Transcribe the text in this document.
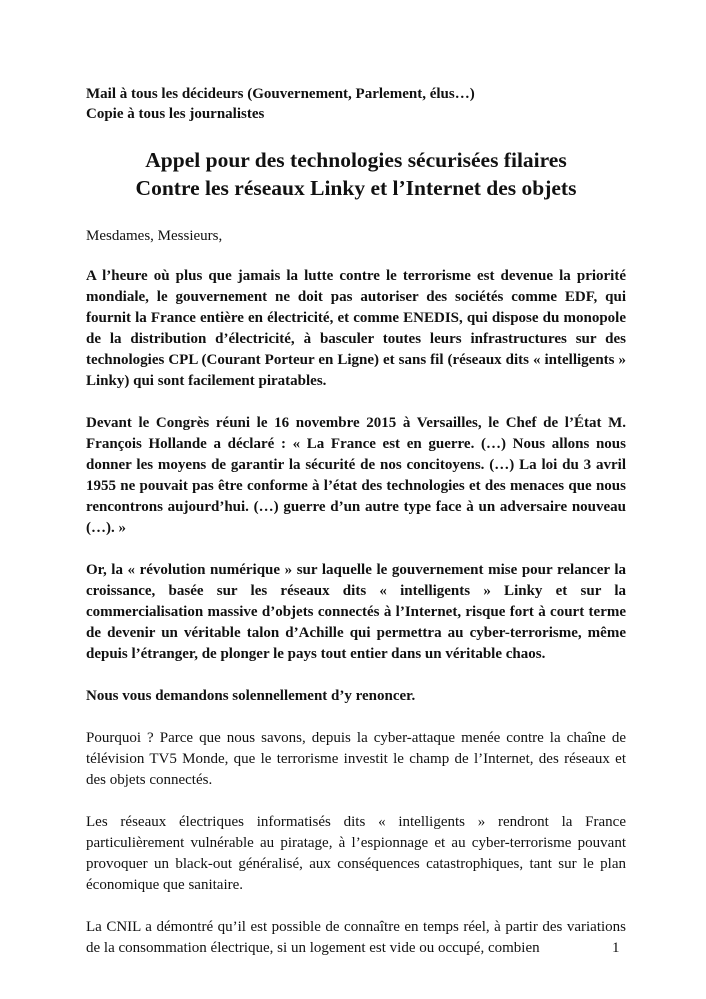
Mail à tous les décideurs (Gouvernement, Parlement, élus…)

Copie à tous les journalistes

Appel pour des technologies sécurisées filaires

Contre les réseaux Linky et l’Internet des objets

Mesdames, Messieurs,

A l’heure où plus que jamais la lutte contre le terrorisme est devenue la priorité mondiale, le gouvernement ne doit pas autoriser des sociétés comme EDF, qui fournit la France entière en électricité, et comme ENEDIS, qui dispose du monopole de la distribution d’électricité, à basculer toutes leurs infrastructures sur des technologies CPL (Courant Porteur en Ligne) et sans fil (réseaux dits « intelligents » Linky) qui sont facilement piratables.

Devant le Congrès réuni le 16 novembre 2015 à Versailles, le Chef de l’État M. François Hollande a déclaré : « La France est en guerre. (…) Nous allons nous donner les moyens de garantir la sécurité de nos concitoyens. (…) La loi du 3 avril 1955 ne pouvait pas être conforme à l’état des technologies et des menaces que nous rencontrons aujourd’hui. (…) guerre d’un autre type face à un adversaire nouveau (…). »

Or, la « révolution numérique » sur laquelle le gouvernement mise pour relancer la croissance, basée sur les réseaux dits « intelligents » Linky et sur la commercialisation massive d’objets connectés à l’Internet, risque fort à court terme de devenir un véritable talon d’Achille qui permettra au cyber-terrorisme, même depuis l’étranger, de plonger le pays tout entier dans un véritable chaos.

Nous vous demandons solennellement d’y renoncer.

Pourquoi ? Parce que nous savons, depuis la cyber-attaque menée contre la chaîne de télévision TV5 Monde, que le terrorisme investit le champ de l’Internet, des réseaux et des objets connectés.

Les réseaux électriques informatisés dits « intelligents » rendront la France particulièrement vulnérable au piratage, à l’espionnage et au cyber-terrorisme pouvant provoquer un black-out généralisé, aux conséquences catastrophiques, tant sur le plan économique que sanitaire.

La CNIL a démontré qu’il est possible de connaître en temps réel, à partir des variations de la consommation électrique, si un logement est vide ou occupé, combien	1
